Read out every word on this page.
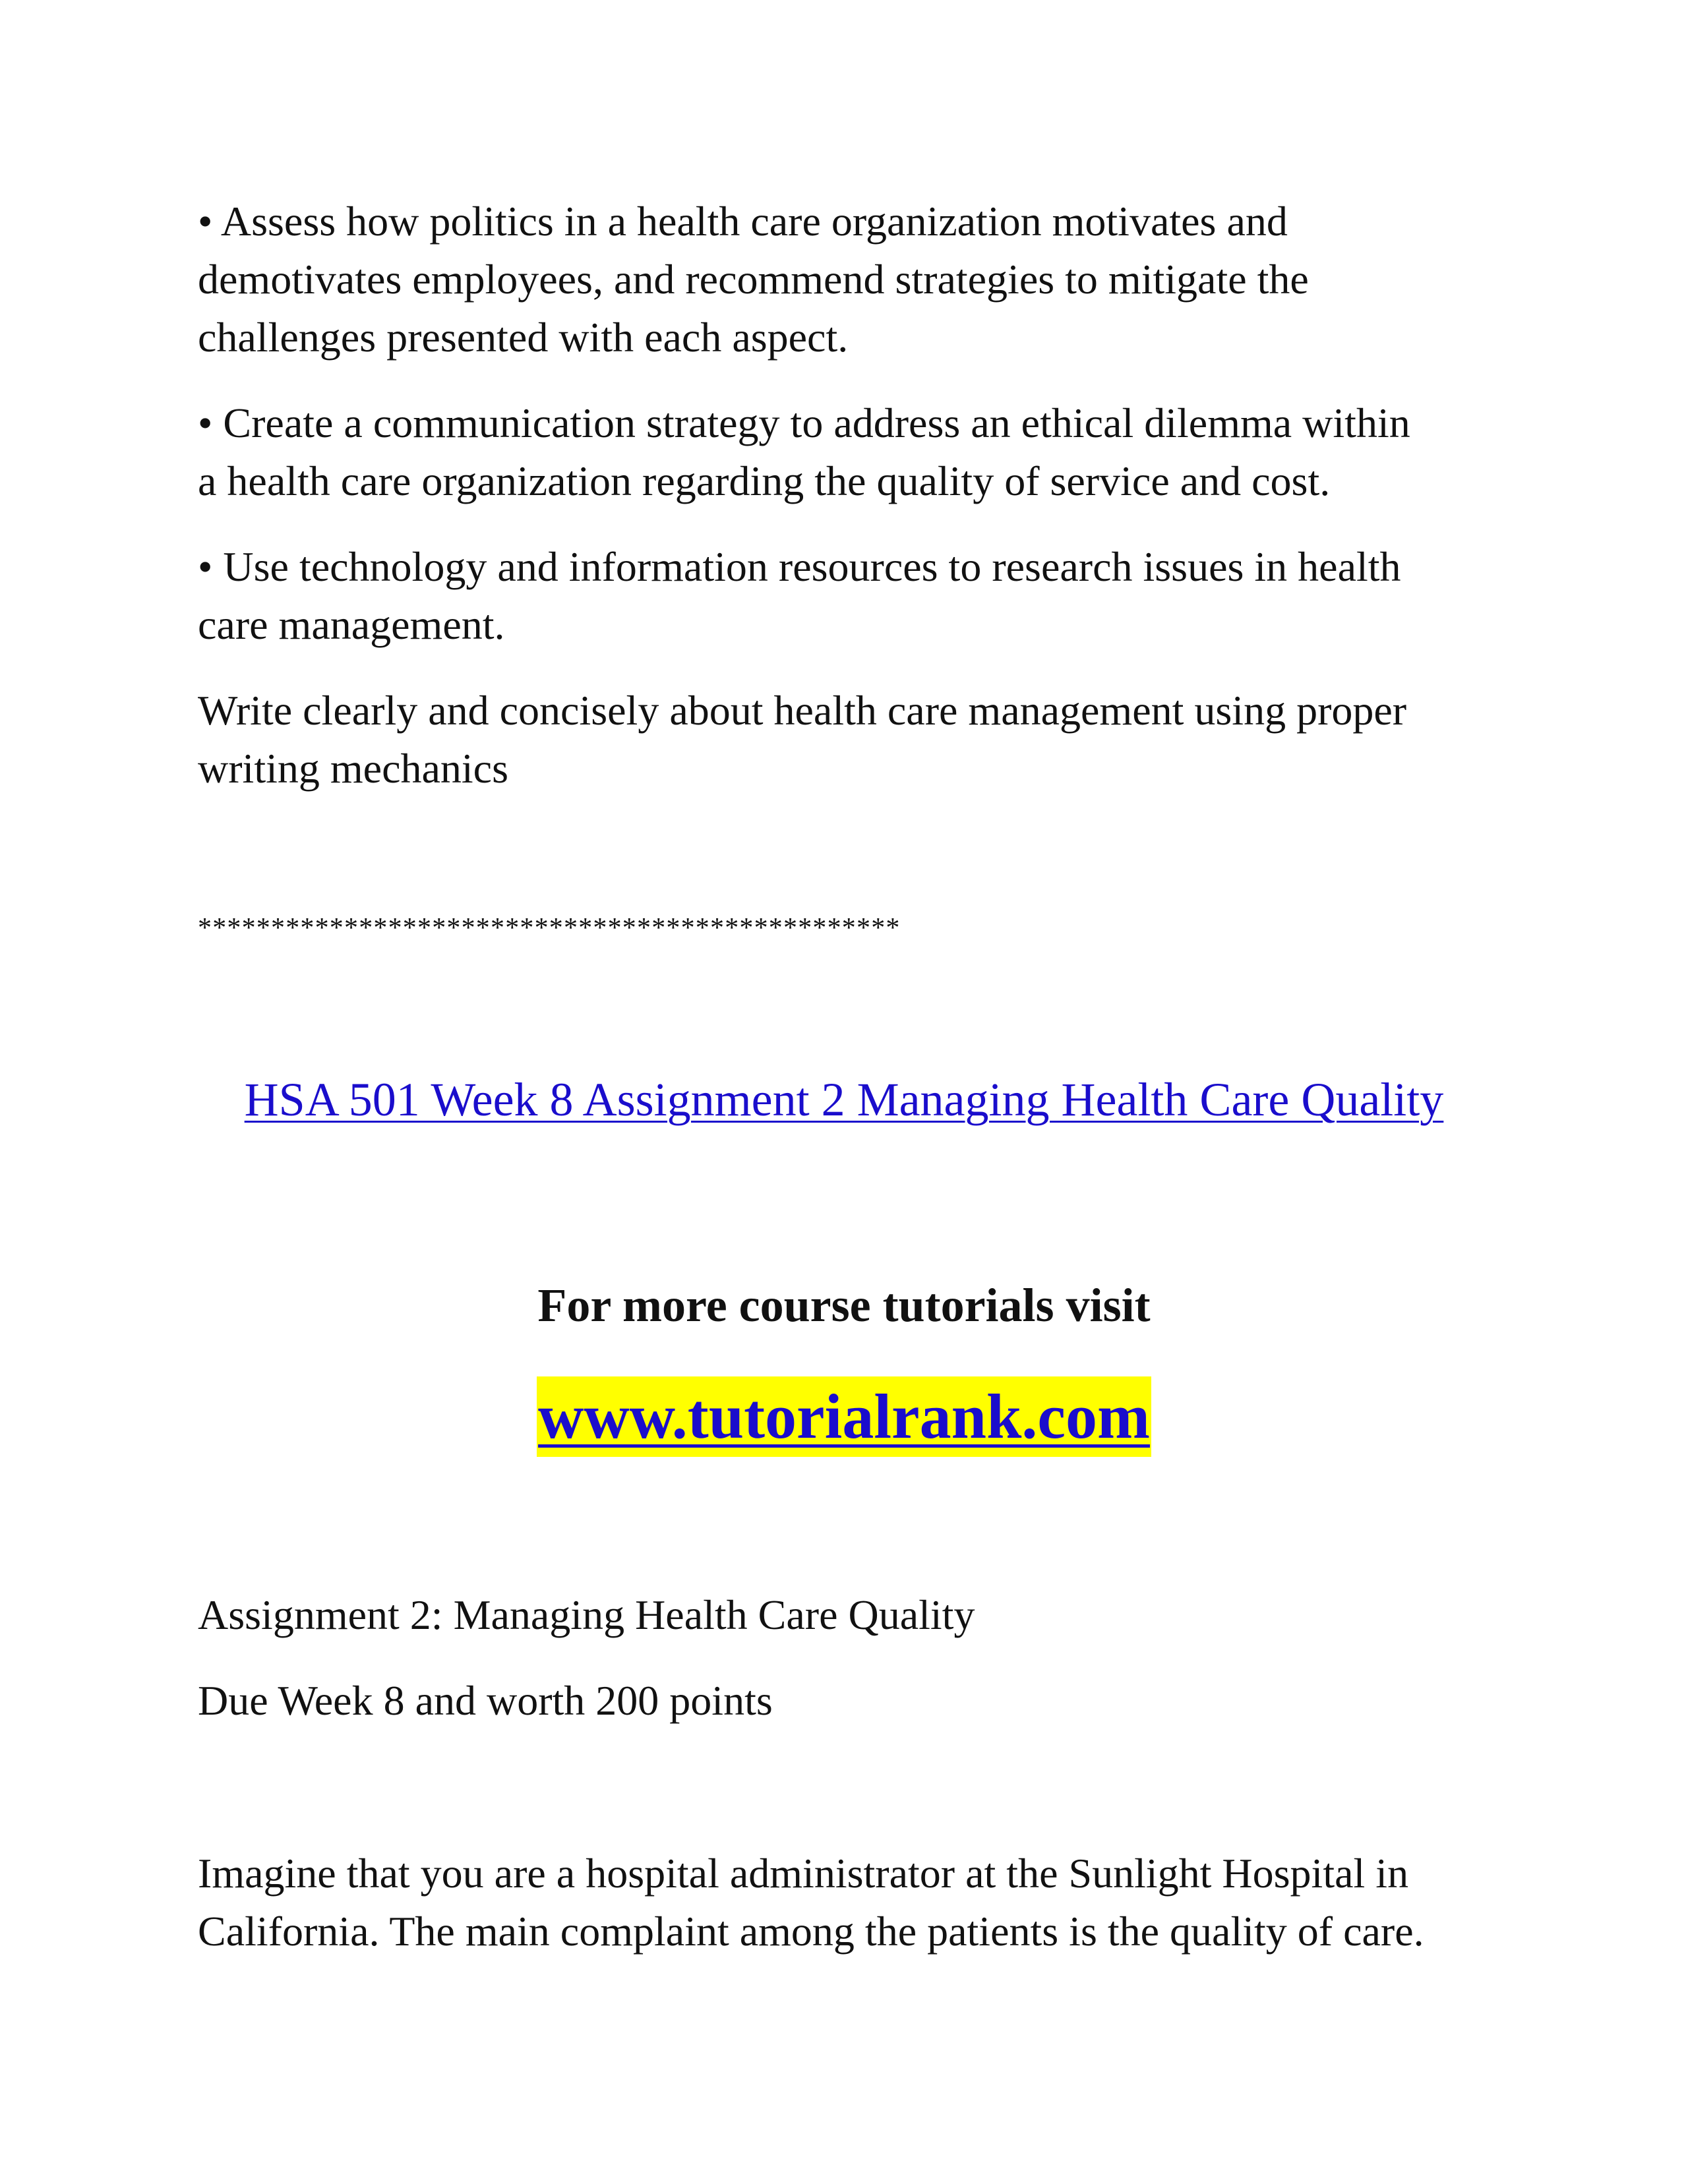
• Assess how politics in a health care organization motivates and
demotivates employees, and recommend strategies to mitigate the
challenges presented with each aspect.

• Create a communication strategy to address an ethical dilemma within
a health care organization regarding the quality of service and cost.

• Use technology and information resources to research issues in health
care management.

Write clearly and concisely about health care management using proper
writing mechanics

************************************************
HSA 501 Week 8 Assignment 2 Managing Health Care Quality
For more course tutorials visit
www.tutorialrank.com

Assignment 2: Managing Health Care Quality

Due Week 8 and worth 200 points

Imagine that you are a hospital administrator at the Sunlight Hospital in
California. The main complaint among the patients is the quality of care.
